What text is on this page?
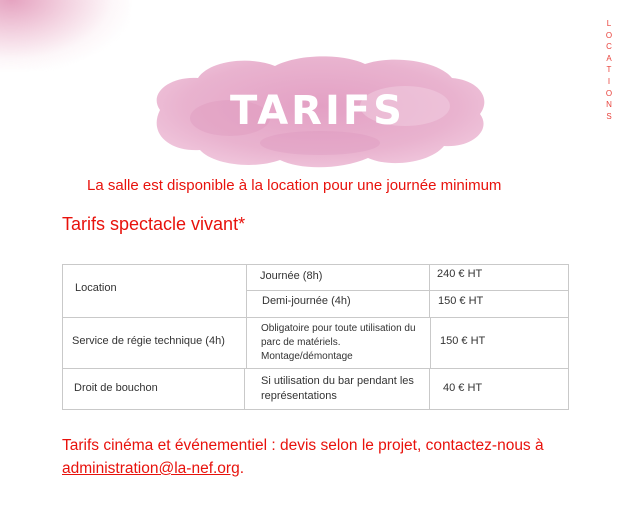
L
O
C
A
T
I
O
N
S
TARIFS
La salle est disponible à la location pour une journée minimum
Tarifs spectacle vivant*
Location
Journée (8h)	240 € HT
Demi-journée (4h)	150 € HT
Service de régie technique (4h)
Obligatoire pour toute utilisation du parc de matériels. Montage/démontage
150 € HT
Droit de bouchon
Si utilisation du bar pendant les représentations
40 € HT
Tarifs cinéma et événementiel : devis selon le projet, contactez-nous à administration@la-nef.org.
